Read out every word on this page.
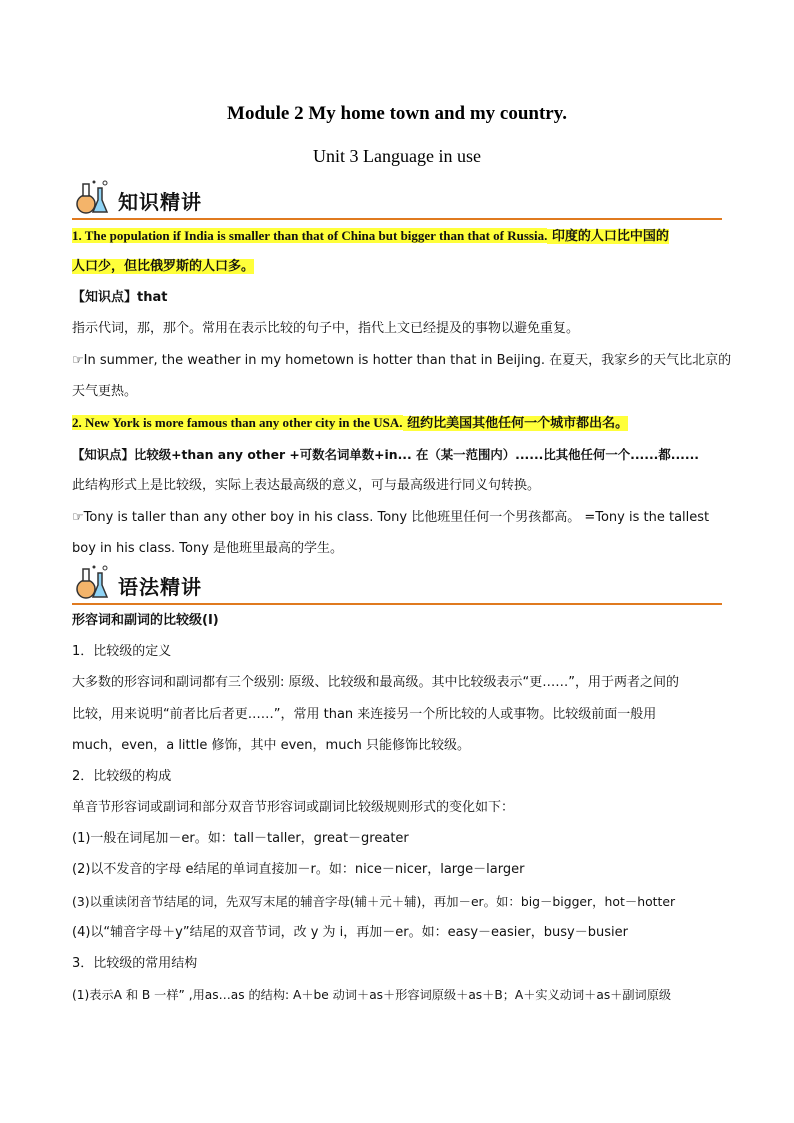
Module 2 My home town and my country.
Unit 3 Language in use
知识精讲
1. The population if India is smaller than that of China but bigger than that of Russia. 印度的人口比中国的
人口少，但比俄罗斯的人口多。
【知识点】that
指示代词，那，那个。常用在表示比较的句子中，指代上文已经提及的事物以避免重复。
☞In summer, the weather in my hometown is hotter than that in Beijing. 在夏天，我家乡的天气比北京的
天气更热。
2. New York is more famous than any other city in the USA. 纽约比美国其他任何一个城市都出名。
【知识点】比较级+than any other +可数名词单数+in... 在（某一范围内）......比其他任何一个......都......
此结构形式上是比较级，实际上表达最高级的意义，可与最高级进行同义句转换。
☞Tony is taller than any other boy in his class. Tony 比他班里任何一个男孩都高。 =Tony is the tallest
boy in his class. Tony 是他班里最高的学生。
语法精讲
形容词和副词的比较级(Ⅰ)
1．比较级的定义
大多数的形容词和副词都有三个级别: 原级、比较级和最高级。其中比较级表示“更……”，用于两者之间的
比较，用来说明“前者比后者更……”，常用 than 来连接另一个所比较的人或事物。比较级前面一般用
much，even，a little 修饰，其中 even，much 只能修饰比较级。
2．比较级的构成
单音节形容词或副词和部分双音节形容词或副词比较级规则形式的变化如下：
(1)一般在词尾加－er。如：tall－taller，great－greater
(2)以不发音的字母 e结尾的单词直接加－r。如：nice－nicer，large－larger
(3)以重读闭音节结尾的词，先双写末尾的辅音字母(辅＋元＋辅)，再加－er。如：big－bigger，hot－hotter
(4)以“辅音字母＋y”结尾的双音节词，改 y 为 i，再加－er。如：easy－easier，busy－busier
3．比较级的常用结构
(1)表示A 和 B 一样” ,用as…as 的结构: A＋be 动词＋as＋形容词原级＋as＋B；A＋实义动词＋as＋副词原级
